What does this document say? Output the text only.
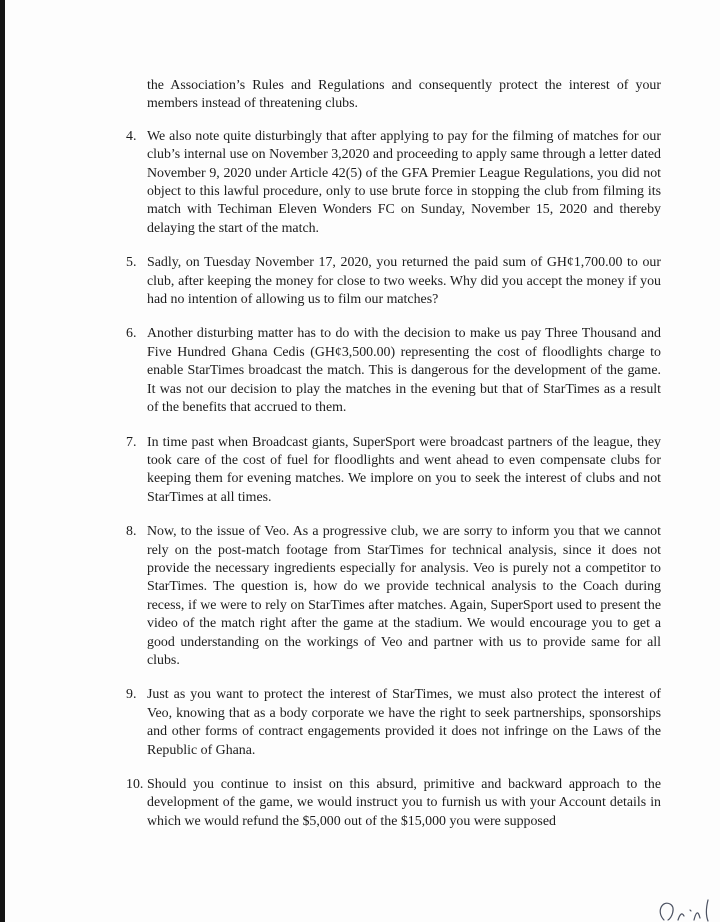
the Association’s Rules and Regulations and consequently protect the interest of your members instead of threatening clubs.

4. We also note quite disturbingly that after applying to pay for the filming of matches for our club’s internal use on November 3,2020 and proceeding to apply same through a letter dated November 9, 2020 under Article 42(5) of the GFA Premier League Regulations, you did not object to this lawful procedure, only to use brute force in stopping the club from filming its match with Techiman Eleven Wonders FC on Sunday, November 15, 2020 and thereby delaying the start of the match.

5. Sadly, on Tuesday November 17, 2020, you returned the paid sum of GH¢1,700.00 to our club, after keeping the money for close to two weeks. Why did you accept the money if you had no intention of allowing us to film our matches?

6. Another disturbing matter has to do with the decision to make us pay Three Thousand and Five Hundred Ghana Cedis (GH¢3,500.00) representing the cost of floodlights charge to enable StarTimes broadcast the match. This is dangerous for the development of the game. It was not our decision to play the matches in the evening but that of StarTimes as a result of the benefits that accrued to them.

7. In time past when Broadcast giants, SuperSport were broadcast partners of the league, they took care of the cost of fuel for floodlights and went ahead to even compensate clubs for keeping them for evening matches. We implore on you to seek the interest of clubs and not StarTimes at all times.

8. Now, to the issue of Veo. As a progressive club, we are sorry to inform you that we cannot rely on the post-match footage from StarTimes for technical analysis, since it does not provide the necessary ingredients especially for analysis. Veo is purely not a competitor to StarTimes. The question is, how do we provide technical analysis to the Coach during recess, if we were to rely on StarTimes after matches. Again, SuperSport used to present the video of the match right after the game at the stadium. We would encourage you to get a good understanding on the workings of Veo and partner with us to provide same for all clubs.

9. Just as you want to protect the interest of StarTimes, we must also protect the interest of Veo, knowing that as a body corporate we have the right to seek partnerships, sponsorships and other forms of contract engagements provided it does not infringe on the Laws of the Republic of Ghana.

10. Should you continue to insist on this absurd, primitive and backward approach to the development of the game, we would instruct you to furnish us with your Account details in which we would refund the $5,000 out of the $15,000 you were supposed
